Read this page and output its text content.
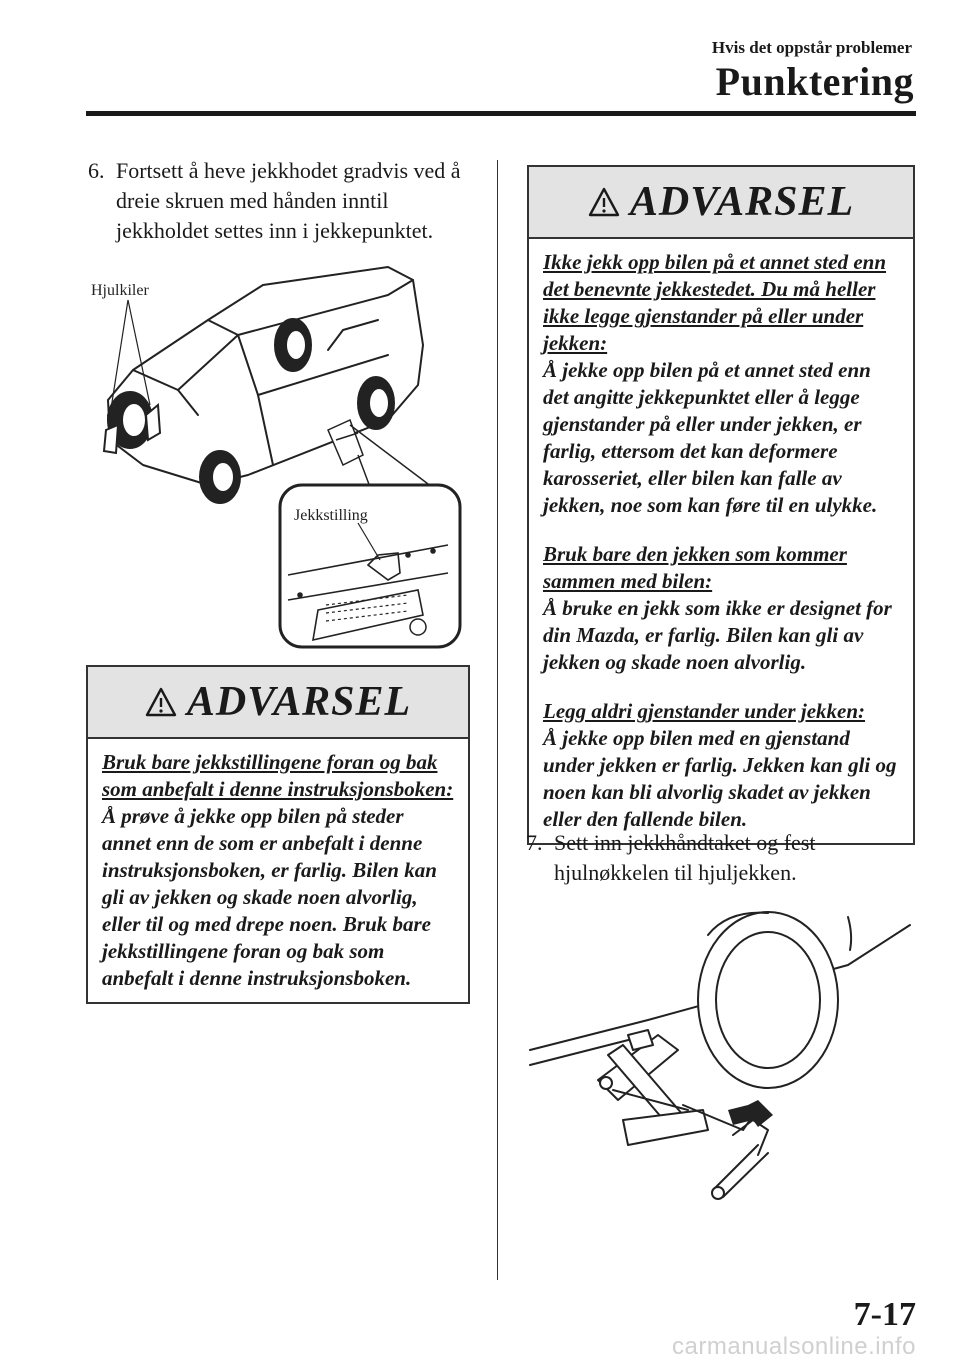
Hvis det oppstår problemer
Punktering
6. Fortsett å heve jekkhodet gradvis ved å
dreie skruen med hånden inntil
jekkholdet settes inn i jekkepunktet.
Hjulkiler
Jekkstilling
ADVARSEL
Bruk bare jekkstillingene foran og bak som anbefalt i denne instruksjonsboken:
Å prøve å jekke opp bilen på steder annet enn de som er anbefalt i denne instruksjonsboken, er farlig. Bilen kan gli av jekken og skade noen alvorlig, eller til og med drepe noen. Bruk bare jekkstillingene foran og bak som anbefalt i denne instruksjonsboken.
ADVARSEL
Ikke jekk opp bilen på et annet sted enn det benevnte jekkestedet. Du må heller ikke legge gjenstander på eller under jekken:
Å jekke opp bilen på et annet sted enn det angitte jekkepunktet eller å legge gjenstander på eller under jekken, er farlig, ettersom det kan deformere karosseriet, eller bilen kan falle av jekken, noe som kan føre til en ulykke.
Bruk bare den jekken som kommer sammen med bilen:
Å bruke en jekk som ikke er designet for din Mazda, er farlig. Bilen kan gli av jekken og skade noen alvorlig.
Legg aldri gjenstander under jekken:
Å jekke opp bilen med en gjenstand under jekken er farlig. Jekken kan gli og noen kan bli alvorlig skadet av jekken eller den fallende bilen.
7. Sett inn jekkhåndtaket og fest
hjulnøkkelen til hjuljekken.
7-17
carmanualsonline.info
